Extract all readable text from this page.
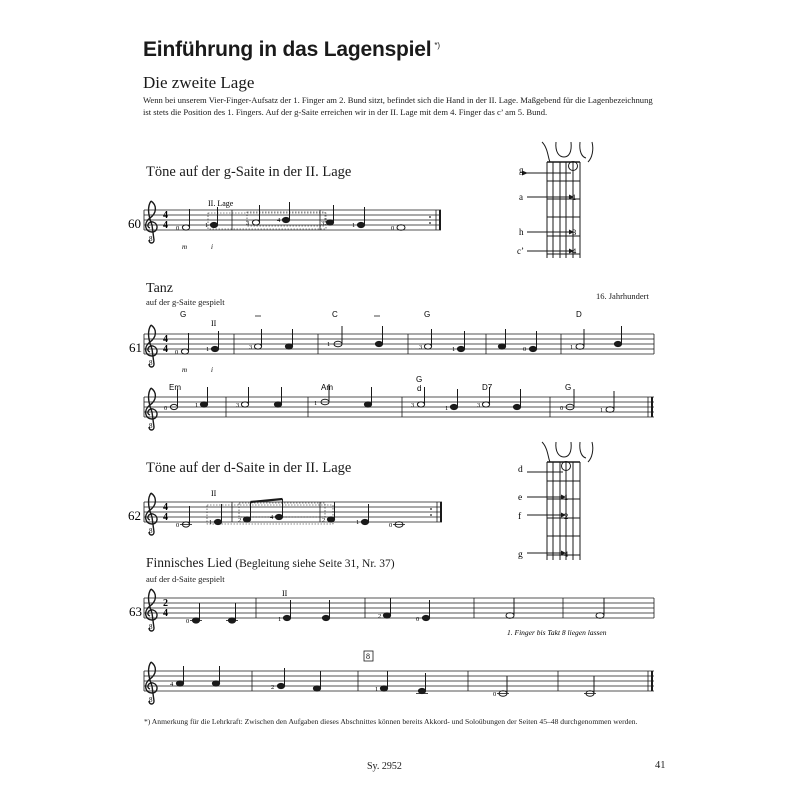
Einführung in das Lagenspiel *)
Die zweite Lage
Wenn bei unserem Vier-Finger-Aufsatz der 1. Finger am 2. Bund sitzt, befindet sich die Hand in der II. Lage. Maßgebend für die Lagenbezeichnung ist stets die Position des 1. Fingers. Auf der g-Saite erreichen wir in der II. Lage mit dem 4. Finger das c’ am 5. Bund.
Töne auf der g-Saite in der II. Lage
Tanz
auf der g-Saite gespielt
16. Jahrhundert
Töne auf der d-Saite in der II. Lage
Finnisches Lied (Begleitung siehe Seite 31, Nr. 37)
auf der d-Saite gespielt
*) Anmerkung für die Lehrkraft: Zwischen den Aufgaben dieses Abschnittes können bereits Akkord- und Soloübungen der Seiten 45–48 durchgenommen werden.
Sy. 2952	41
8
4
4
60
II. Lage
0	1	3	4	3	1	0
m	i
g
a
h
c’
1
3
4
8
4
4
61
II
G	C	G	D
0	1	3	1	3	1	0	1
m	i
8
Em	Am
G
d	D7	G
0	1	3	1	3	1	3	0	1
d
e
f
g
1
2
4
8
4
4
62
II
0	1	2	4	2	1	0
8
2
4
63
II
0	1	2	0
1. Finger bis Takt 8 liegen lassen
8
8
4	2	1
0
